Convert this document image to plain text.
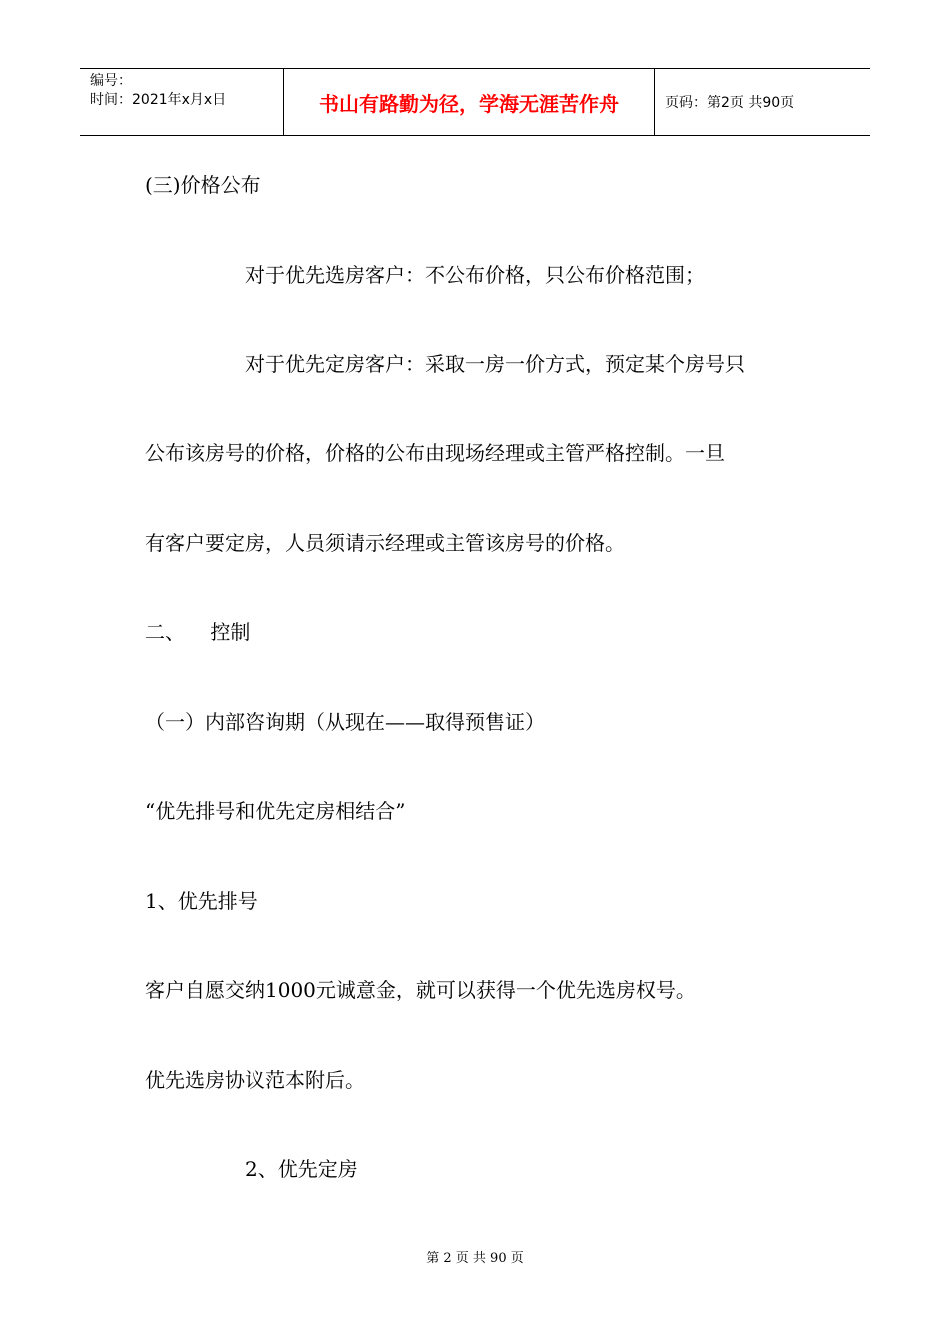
编号：
时间：2021年x月x日	书山有路勤为径，学海无涯苦作舟	页码：第2页 共90页
(三)价格公布
对于优先选房客户：不公布价格，只公布价格范围；
对于优先定房客户：采取一房一价方式，预定某个房号只
公布该房号的价格，价格的公布由现场经理或主管严格控制。一旦
有客户要定房，人员须请示经理或主管该房号的价格。
二、    控制
（一）内部咨询期（从现在——取得预售证）
“优先排号和优先定房相结合”
1、优先排号
客户自愿交纳1000元诚意金，就可以获得一个优先选房权号。
优先选房协议范本附后。
2、优先定房
第 2 页 共 90 页
